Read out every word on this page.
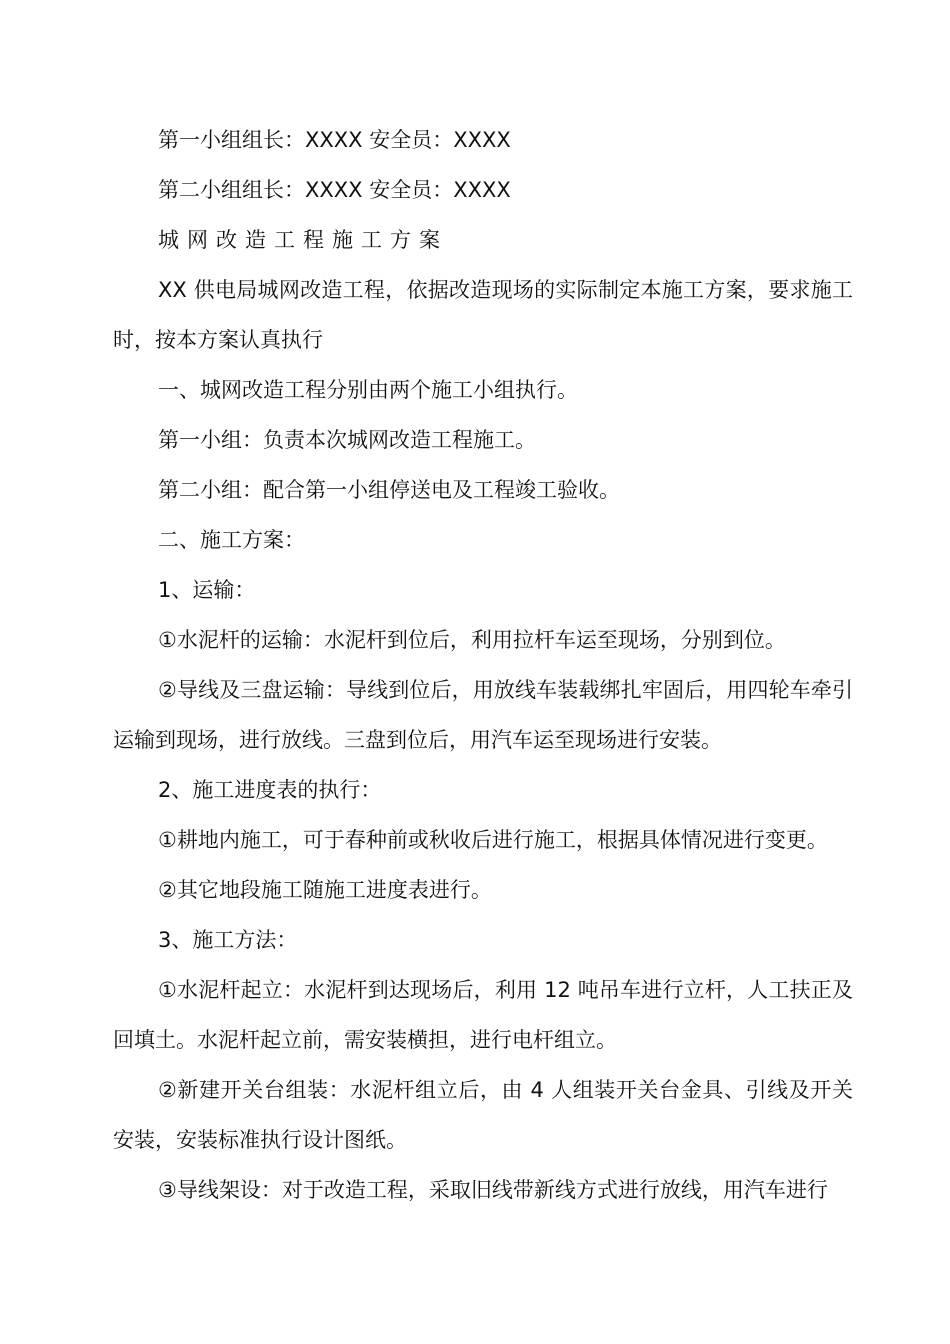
第一小组组长：XXXX 安全员：XXXX

第二小组组长：XXXX 安全员：XXXX

城网改造工程施工方案

XX 供电局城网改造工程，依据改造现场的实际制定本施工方案，要求施工时，按本方案认真执行

一、城网改造工程分别由两个施工小组执行。

第一小组：负责本次城网改造工程施工。

第二小组：配合第一小组停送电及工程竣工验收。

二、施工方案：

1、运输：

①水泥杆的运输：水泥杆到位后，利用拉杆车运至现场，分别到位。

②导线及三盘运输：导线到位后，用放线车装载绑扎牢固后，用四轮车牵引运输到现场，进行放线。三盘到位后，用汽车运至现场进行安装。

2、施工进度表的执行：

①耕地内施工，可于春种前或秋收后进行施工，根据具体情况进行变更。

②其它地段施工随施工进度表进行。

3、施工方法：

①水泥杆起立：水泥杆到达现场后，利用 12 吨吊车进行立杆，人工扶正及回填土。水泥杆起立前，需安装横担，进行电杆组立。

②新建开关台组装：水泥杆组立后，由 4 人组装开关台金具、引线及开关安装，安装标准执行设计图纸。

③导线架设：对于改造工程，采取旧线带新线方式进行放线，用汽车进行
